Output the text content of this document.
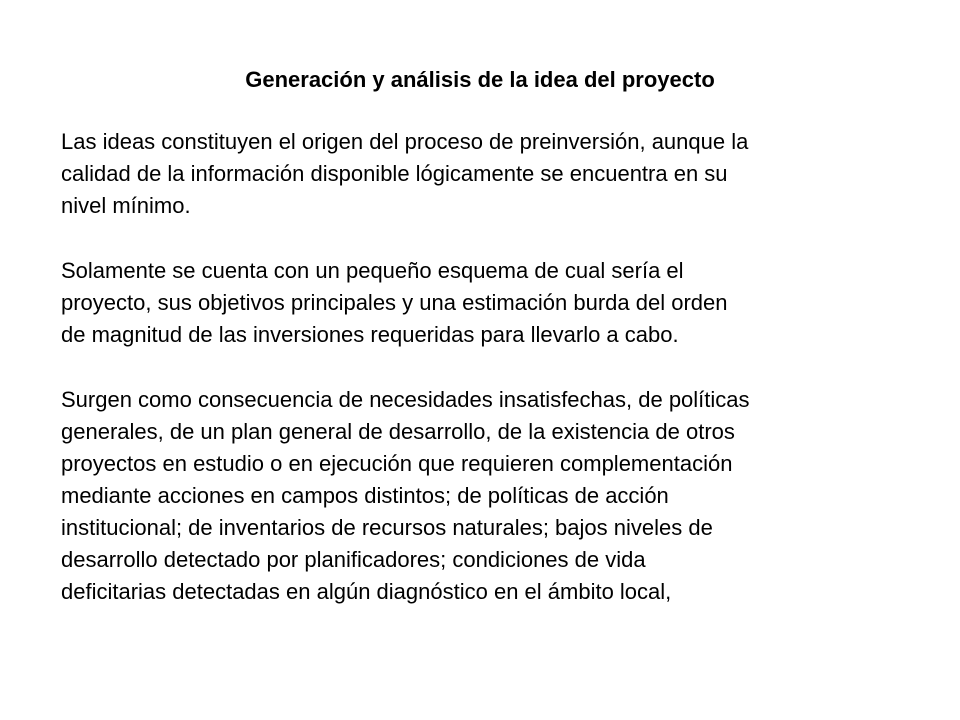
Generación y análisis de la idea del proyecto

Las ideas constituyen el origen del proceso de preinversión, aunque la
calidad de la información disponible lógicamente se encuentra en su
nivel mínimo.

Solamente se cuenta con un pequeño esquema de cual sería el
proyecto, sus objetivos principales y una estimación burda del orden
de magnitud de las inversiones requeridas para llevarlo a cabo.

Surgen como consecuencia de necesidades insatisfechas, de políticas
generales, de un plan general de desarrollo, de la existencia de otros
proyectos en estudio o en ejecución que requieren complementación
mediante acciones en campos distintos; de políticas de acción
institucional; de inventarios de recursos naturales; bajos niveles de
desarrollo detectado por planificadores; condiciones de vida
deficitarias detectadas en algún diagnóstico en el ámbito local,
